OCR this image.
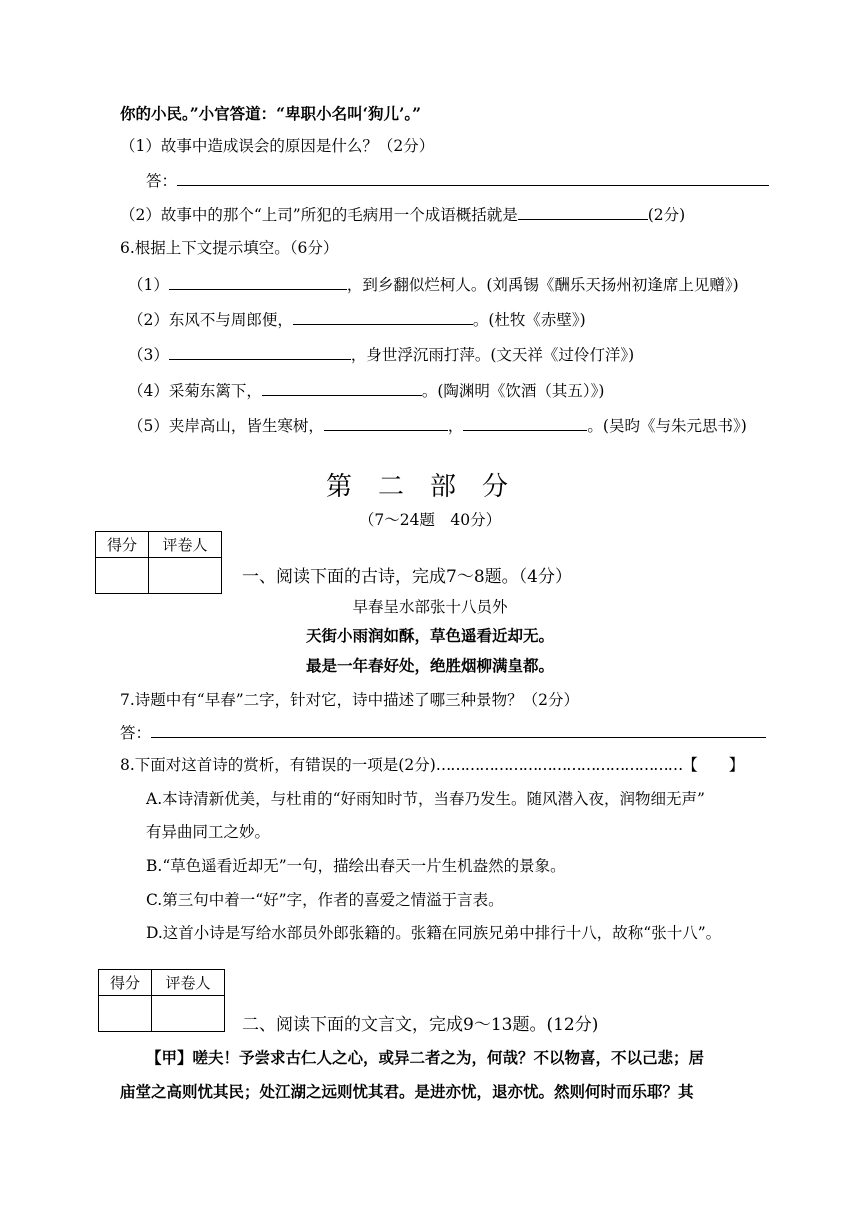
你的小民。”小官答道：“卑职小名叫‘狗儿’。”
（1）故事中造成误会的原因是什么？（2分）
答：
（2）故事中的那个“上司”所犯的毛病用一个成语概括就是	(2分)
6.根据上下文提示填空。（6分）
（1）	，到乡翻似烂柯人。(刘禹锡《酬乐天扬州初逢席上见赠》)
（2）东风不与周郎便，	。(杜牧《赤壁》)
（3）	，身世浮沉雨打萍。(文天祥《过伶仃洋》)
（4）采菊东篱下，	。(陶渊明《饮酒（其五）》)
（5）夹岸高山，皆生寒树，	，	。(吴昀《与朱元思书》)
第二部分
（7～24题　40分）
得分	评卷人

一、阅读下面的古诗，完成7～8题。（4分）
早春呈水部张十八员外
天街小雨润如酥，草色遥看近却无。
最是一年春好处，绝胜烟柳满皇都。
7.诗题中有“早春”二字，针对它，诗中描述了哪三种景物？（2分）
答：
8.下面对这首诗的赏析，有错误的一项是(2分)……………………………………………【　　】
A.本诗清新优美，与杜甫的“好雨知时节，当春乃发生。随风潜入夜，润物细无声”
有异曲同工之妙。
B.“草色遥看近却无”一句，描绘出春天一片生机盎然的景象。
C.第三句中着一“好”字，作者的喜爱之情溢于言表。
D.这首小诗是写给水部员外郎张籍的。张籍在同族兄弟中排行十八，故称“张十八”。
得分	评卷人

二、阅读下面的文言文，完成9～13题。(12分)
【甲】嗟夫！予尝求古仁人之心，或异二者之为，何哉？不以物喜，不以己悲；居
庙堂之高则忧其民；处江湖之远则忧其君。是进亦忧，退亦忧。然则何时而乐耶？其
